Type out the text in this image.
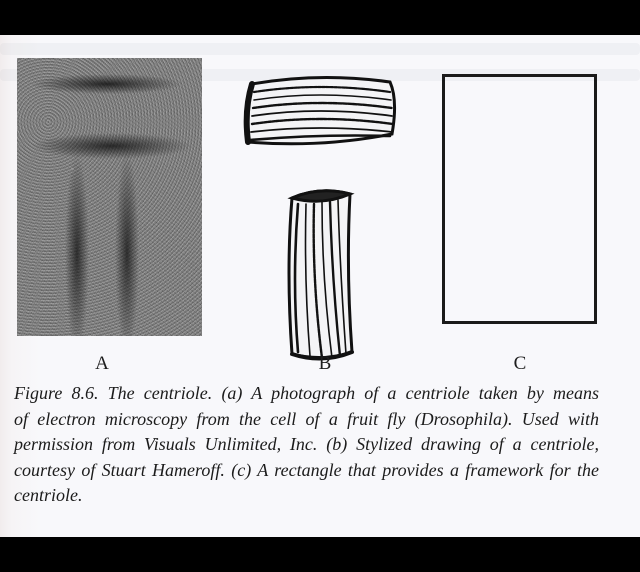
A	B	C
Figure 8.6. The centriole. (a) A photograph of a centriole taken by means
of electron microscopy from the cell of a fruit fly (Drosophila). Used with
permission from Visuals Unlimited, Inc. (b) Stylized drawing of a centriole,
courtesy of Stuart Hameroff. (c) A rectangle that provides a framework for the
centriole.
